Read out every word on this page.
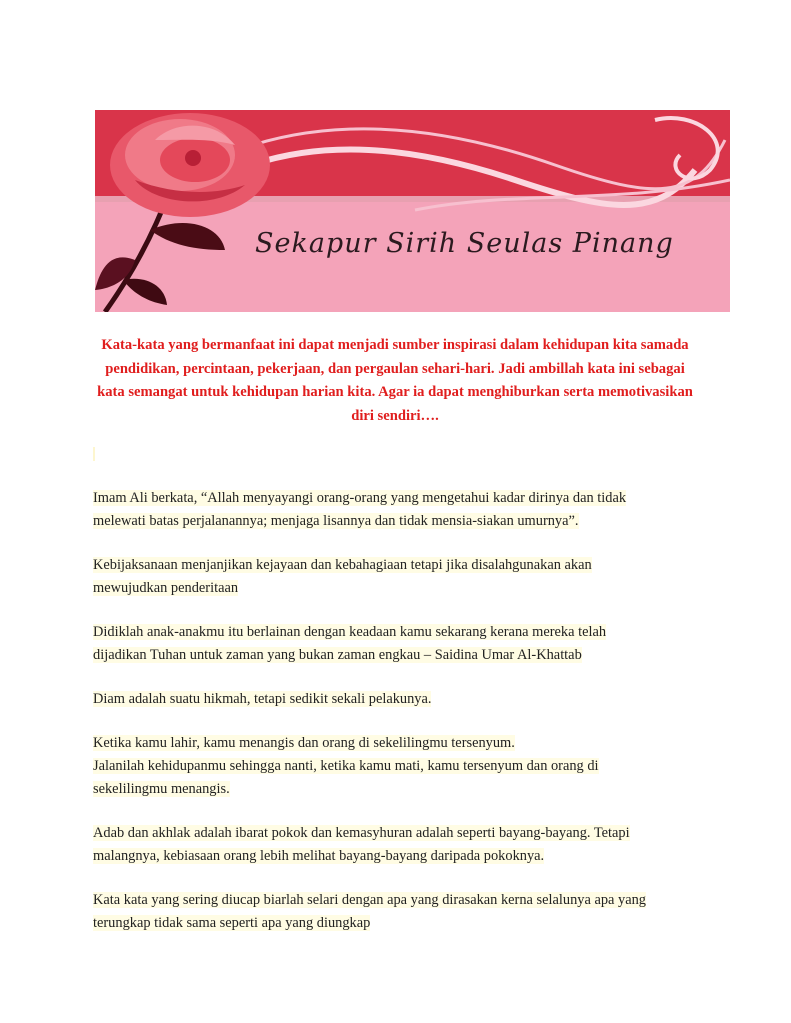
Sekapur Sirih Seulas Pinang

Kata-kata yang bermanfaat ini dapat menjadi sumber inspirasi dalam kehidupan kita samada pendidikan, percintaan, pekerjaan, dan pergaulan sehari-hari. Jadi ambillah kata ini sebagai kata semangat untuk kehidupan harian kita. Agar ia dapat menghiburkan serta memotivasikan diri sendiri….

Imam Ali berkata, “Allah menyayangi orang-orang yang mengetahui kadar dirinya dan tidak
melewati batas perjalanannya; menjaga lisannya dan tidak mensia-siakan umurnya”.

Kebijaksanaan menjanjikan kejayaan dan kebahagiaan tetapi jika disalahgunakan akan
mewujudkan penderitaan

Didiklah anak-anakmu itu berlainan dengan keadaan kamu sekarang kerana mereka telah
dijadikan Tuhan untuk zaman yang bukan zaman engkau – Saidina Umar Al-Khattab

Diam adalah suatu hikmah, tetapi sedikit sekali pelakunya.

Ketika kamu lahir, kamu menangis dan orang di sekelilingmu tersenyum.
Jalanilah kehidupanmu sehingga nanti, ketika kamu mati, kamu tersenyum dan orang di
sekelilingmu menangis.

Adab dan akhlak adalah ibarat pokok dan kemasyhuran adalah seperti bayang-bayang. Tetapi
malangnya, kebiasaan orang lebih melihat bayang-bayang daripada pokoknya.

Kata kata yang sering diucap biarlah selari dengan apa yang dirasakan kerna selalunya apa yang
terungkap tidak sama seperti apa yang diungkap
